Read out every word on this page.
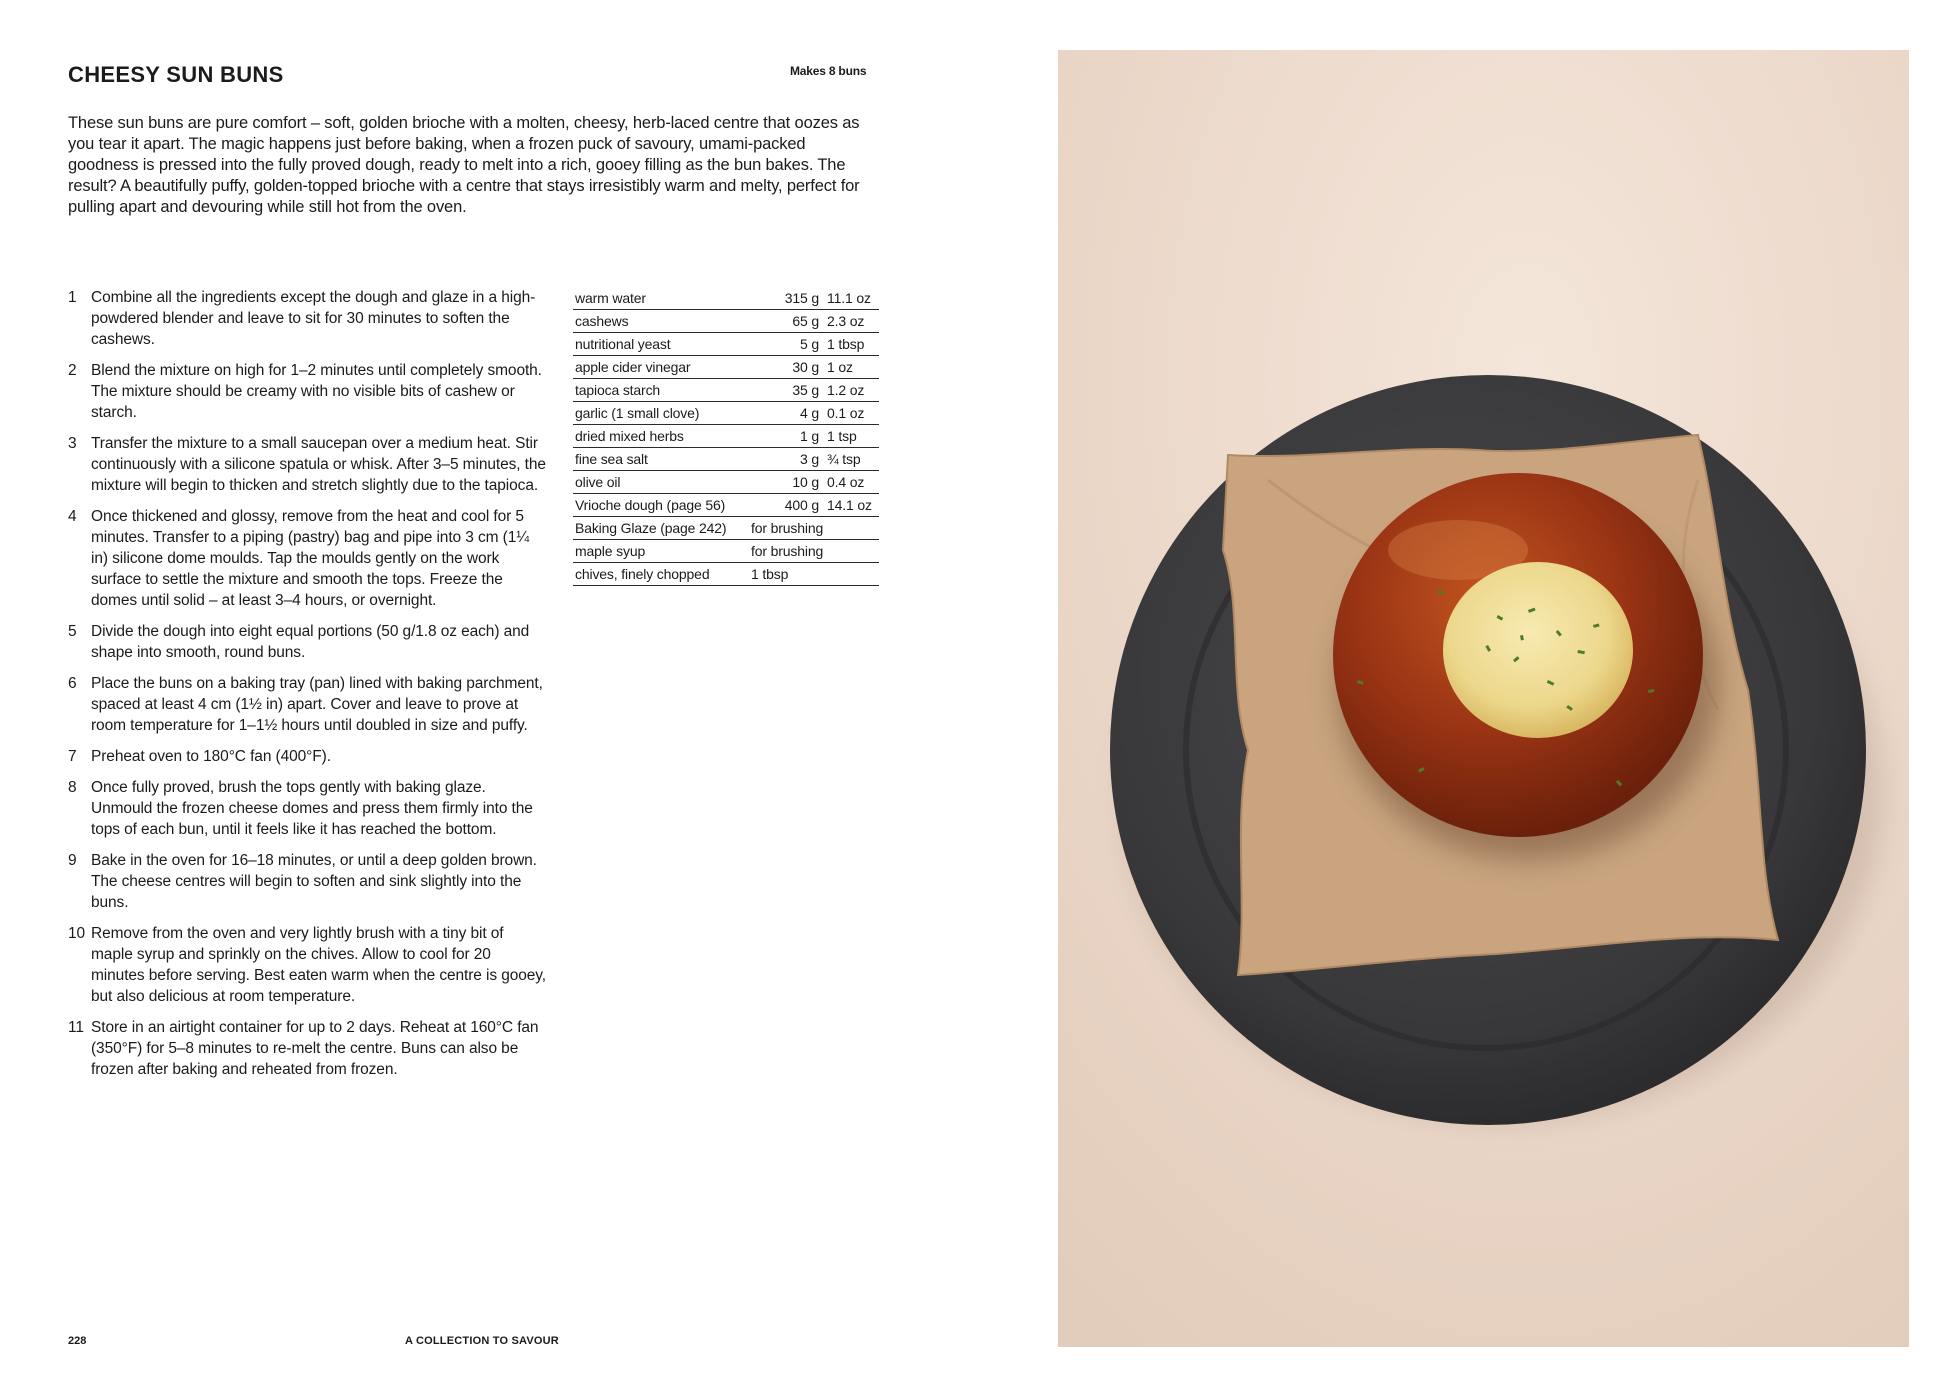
CHEESY SUN BUNS	Makes 8 buns

These sun buns are pure comfort – soft, golden brioche with a molten, cheesy, herb-laced centre that oozes as you tear it apart. The magic happens just before baking, when a frozen puck of savoury, umami-packed goodness is pressed into the fully proved dough, ready to melt into a rich, gooey filling as the bun bakes. The result? A beautifully puffy, golden-topped brioche with a centre that stays irresistibly warm and melty, perfect for pulling apart and devouring while still hot from the oven.

1 Combine all the ingredients except the dough and glaze in a high-powdered blender and leave to sit for 30 minutes to soften the cashews.
2 Blend the mixture on high for 1–2 minutes until completely smooth. The mixture should be creamy with no visible bits of cashew or starch.
3 Transfer the mixture to a small saucepan over a medium heat. Stir continuously with a silicone spatula or whisk. After 3–5 minutes, the mixture will begin to thicken and stretch slightly due to the tapioca.
4 Once thickened and glossy, remove from the heat and cool for 5 minutes. Transfer to a piping (pastry) bag and pipe into 3 cm (1¼ in) silicone dome moulds. Tap the moulds gently on the work surface to settle the mixture and smooth the tops. Freeze the domes until solid – at least 3–4 hours, or overnight.
5 Divide the dough into eight equal portions (50 g/1.8 oz each) and shape into smooth, round buns.
6 Place the buns on a baking tray (pan) lined with baking parchment, spaced at least 4 cm (1½ in) apart. Cover and leave to prove at room temperature for 1–1½ hours until doubled in size and puffy.
7 Preheat oven to 180°C fan (400°F).
8 Once fully proved, brush the tops gently with baking glaze. Unmould the frozen cheese domes and press them firmly into the tops of each bun, until it feels like it has reached the bottom.
9 Bake in the oven for 16–18 minutes, or until a deep golden brown. The cheese centres will begin to soften and sink slightly into the buns.
10 Remove from the oven and very lightly brush with a tiny bit of maple syrup and sprinkly on the chives. Allow to cool for 20 minutes before serving. Best eaten warm when the centre is gooey, but also delicious at room temperature.
11 Store in an airtight container for up to 2 days. Reheat at 160°C fan (350°F) for 5–8 minutes to re-melt the centre. Buns can also be frozen after baking and reheated from frozen.
warm water	315 g	11.1 oz
cashews	65 g	2.3 oz
nutritional yeast	5 g	1 tbsp
apple cider vinegar	30 g	1 oz
tapioca starch	35 g	1.2 oz
garlic (1 small clove)	4 g	0.1 oz
dried mixed herbs	1 g	1 tsp
fine sea salt	3 g	¾ tsp
olive oil	10 g	0.4 oz
Vrioche dough (page 56)	400 g	14.1 oz
Baking Glaze (page 242)	for brushing	
maple syup	for brushing	
chives, finely chopped	1 tbsp	
228	A COLLECTION TO SAVOUR
